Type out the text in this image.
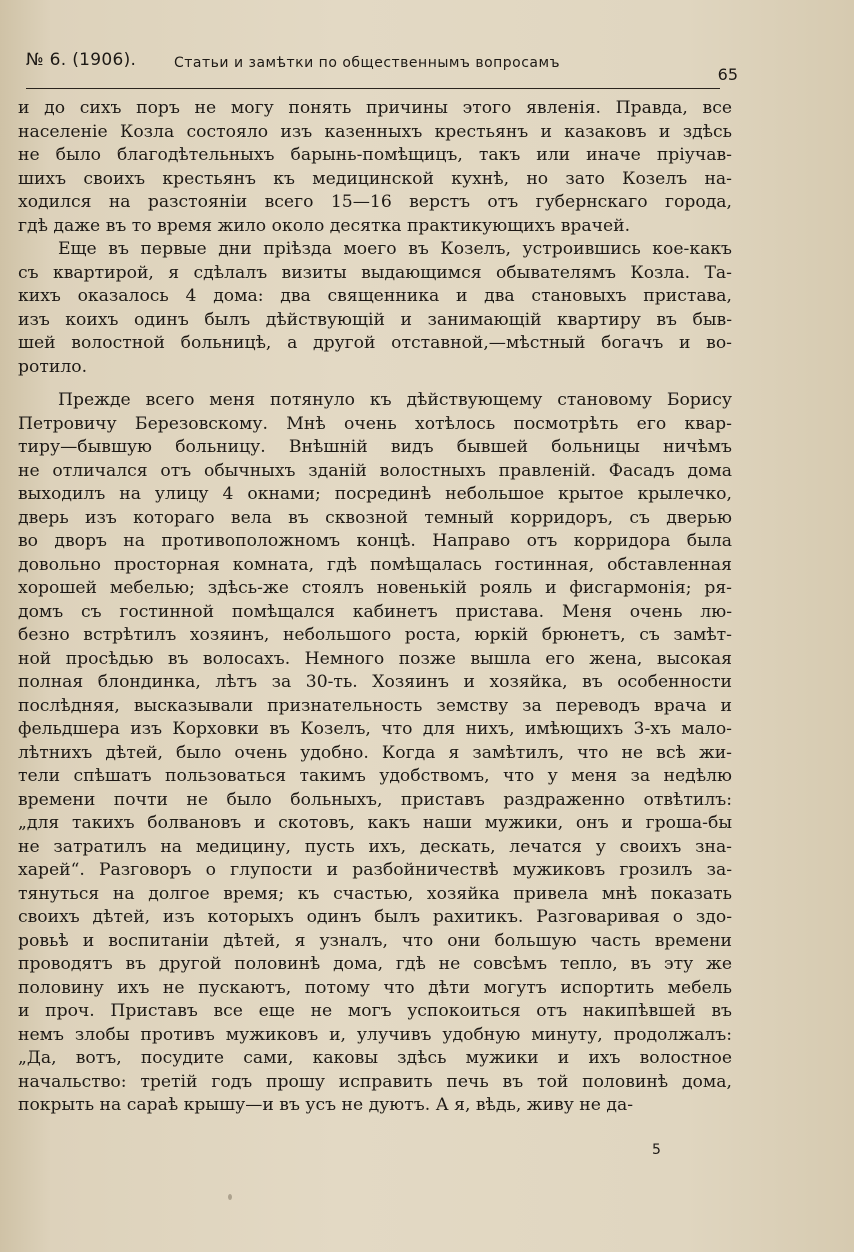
№ 6. (1906).	Статьи и замѣтки по общественнымъ вопросамъ
65
и до сихъ поръ не могу понять причины этого явленія. Правда, все
населеніе Козла состояло изъ казенныхъ крестьянъ и казаковъ и здѣсь
не было благодѣтельныхъ барынь-помѣщицъ, такъ или иначе пріучав-
шихъ своихъ крестьянъ къ медицинской кухнѣ, но зато Козелъ на-
ходился на разстояніи всего 15—16 верстъ отъ губернскаго города,
гдѣ даже въ то время жило около десятка практикующихъ врачей.
Еще въ первые дни пріѣзда моего въ Козелъ, устроившись кое-какъ
съ квартирой, я сдѣлалъ визиты выдающимся обывателямъ Козла. Та-
кихъ оказалось 4 дома: два священника и два становыхъ пристава,
изъ коихъ одинъ былъ дѣйствующій и занимающій квартиру въ быв-
шей волостной больницѣ, а другой отставной,—мѣстный богачъ и во-
ротило.
Прежде всего меня потянуло къ дѣйствующему становому Борису
Петровичу Березовскому. Мнѣ очень хотѣлось посмотрѣть его квар-
тиру—бывшую больницу. Внѣшній видъ бывшей больницы ничѣмъ
не отличался отъ обычныхъ зданій волостныхъ правленій. Фасадъ дома
выходилъ на улицу 4 окнами; посрединѣ небольшое крытое крылечко,
дверь изъ котораго вела въ сквозной темный корридоръ, съ дверью
во дворъ на противоположномъ концѣ. Направо отъ корридора была
довольно просторная комната, гдѣ помѣщалась гостинная, обставленная
хорошей мебелью; здѣсь-же стоялъ новенькій рояль и фисгармонія; ря-
домъ съ гостинной помѣщался кабинетъ пристава. Меня очень лю-
безно встрѣтилъ хозяинъ, небольшого роста, юркій брюнетъ, съ замѣт-
ной просѣдью въ волосахъ. Немного позже вышла его жена, высокая
полная блондинка, лѣтъ за 30-ть. Хозяинъ и хозяйка, въ особенности
послѣдняя, высказывали признательность земству за переводъ врача и
фельдшера изъ Корховки въ Козелъ, что для нихъ, имѣющихъ 3-хъ мало-
лѣтнихъ дѣтей, было очень удобно. Когда я замѣтилъ, что не всѣ жи-
тели спѣшатъ пользоваться такимъ удобствомъ, что у меня за недѣлю
времени почти не было больныхъ, приставъ раздраженно отвѣтилъ:
„для такихъ болвановъ и скотовъ, какъ наши мужики, онъ и гроша-бы
не затратилъ на медицину, пусть ихъ, дескать, лечатся у своихъ зна-
харей“. Разговоръ о глупости и разбойничествѣ мужиковъ грозилъ за-
тянуться на долгое время; къ счастью, хозяйка привела мнѣ показать
своихъ дѣтей, изъ которыхъ одинъ былъ рахитикъ. Разговаривая о здо-
ровьѣ и воспитаніи дѣтей, я узналъ, что они большую часть времени
проводятъ въ другой половинѣ дома, гдѣ не совсѣмъ тепло, въ эту же
половину ихъ не пускаютъ, потому что дѣти могутъ испортить мебель
и проч. Приставъ все еще не могъ успокоиться отъ накипѣвшей въ
немъ злобы противъ мужиковъ и, улучивъ удобную минуту, продолжалъ:
„Да, вотъ, посудите сами, каковы здѣсь мужики и ихъ волостное
начальство: третій годъ прошу исправить печь въ той половинѣ дома,
покрыть на сараѣ крышу—и въ усъ не дуютъ. А я, вѣдь, живу не да-
5
